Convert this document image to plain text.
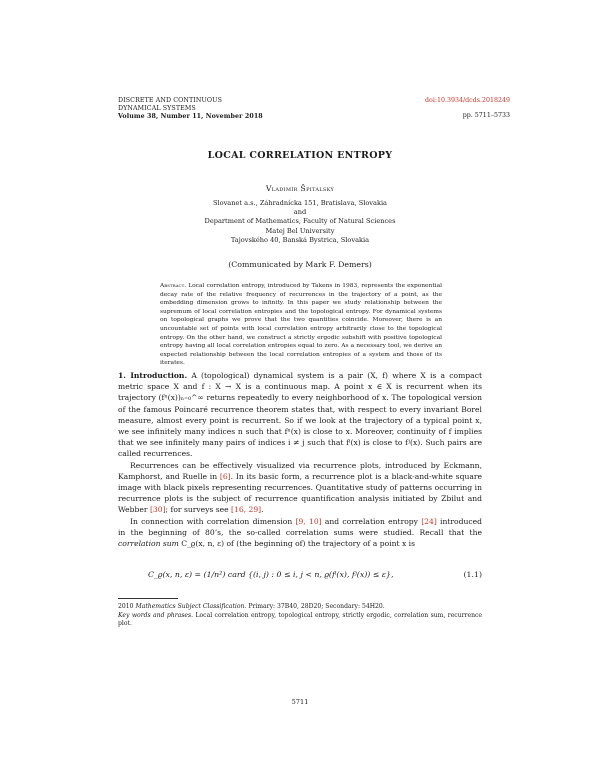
DISCRETE AND CONTINUOUS
DYNAMICAL SYSTEMS
Volume 38, Number 11, November 2018
doi:10.3934/dcds.2018249
pp. 5711–5733
LOCAL CORRELATION ENTROPY
Vladimír Špitalský
Slovanet a.s., Záhradnícka 151, Bratislava, Slovakia
and
Department of Mathematics, Faculty of Natural Sciences
Matej Bel University
Tajovského 40, Banská Bystrica, Slovakia
(Communicated by Mark F. Demers)
Abstract. Local correlation entropy, introduced by Takens in 1983, represents the exponential decay rate of the relative frequency of recurrences in the trajectory of a point, as the embedding dimension grows to infinity. In this paper we study relationship between the supremum of local correlation entropies and the topological entropy. For dynamical systems on topological graphs we prove that the two quantities coincide. Moreover, there is an uncountable set of points with local correlation entropy arbitrarily close to the topological entropy. On the other hand, we construct a strictly ergodic subshift with positive topological entropy having all local correlation entropies equal to zero. As a necessary tool, we derive an expected relationship between the local correlation entropies of a system and those of its iterates.

1. Introduction. A (topological) dynamical system is a pair (X, f) where X is a compact metric space X and f : X → X is a continuous map. A point x ∈ X is recurrent when its trajectory (fⁿ(x))ₙ₌₀^∞ returns repeatedly to every neighborhood of x. The topological version of the famous Poincaré recurrence theorem states that, with respect to every invariant Borel measure, almost every point is recurrent. So if we look at the trajectory of a typical point x, we see infinitely many indices n such that fⁿ(x) is close to x. Moreover, continuity of f implies that we see infinitely many pairs of indices i ≠ j such that fⁱ(x) is close to fʲ(x). Such pairs are called recurrences.

Recurrences can be effectively visualized via recurrence plots, introduced by Eckmann, Kamphorst, and Ruelle in [6]. In its basic form, a recurrence plot is a black-and-white square image with black pixels representing recurrences. Quantitative study of patterns occurring in recurrence plots is the subject of recurrence quantification analysis initiated by Zbilut and Webber [30]; for surveys see [16, 29].

In connection with correlation dimension [9, 10] and correlation entropy [24] introduced in the beginning of 80’s, the so-called correlation sums were studied. Recall that the correlation sum C_ϱ(x, n, ε) of (the beginning of) the trajectory of a point x is

C_ϱ(x, n, ε) = (1/n²) card {(i, j) : 0 ≤ i, j < n, ϱ(fⁱ(x), fʲ(x)) ≤ ε},	(1.1)
2010 Mathematics Subject Classification. Primary: 37B40, 28D20; Secondary: 54H20.
Key words and phrases. Local correlation entropy, topological entropy, strictly ergodic, correlation sum, recurrence plot.
5711
